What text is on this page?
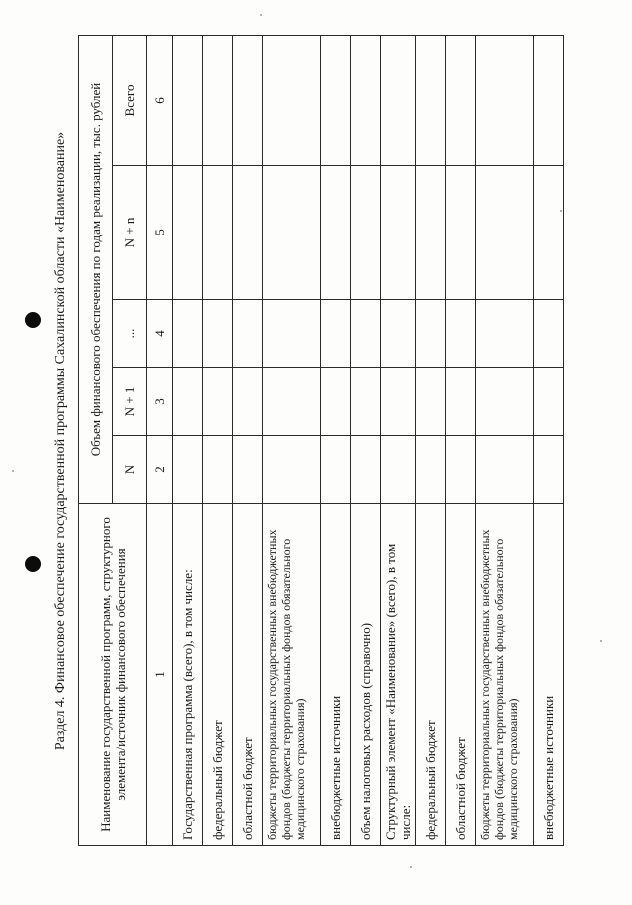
Раздел 4. Финансовое обеспечение государственной программы Сахалинской области «Наименование»	Наименование государственной программ, структурного элемента/источник финансового обеспечения	Объем финансового обеспечения по годам реализации, тыс. рублей				
	N	N + 1	...	N + n	Всего
1	2	3	4	5	6
Государственная программа (всего), в том числе:					
федеральный бюджет					
областной бюджет					
бюджеты территориальных государственных внебюджетных фондов (бюджеты территориальных фондов обязательного медицинского страхования)					
внебюджетные источники					
объем налоговых расходов (справочно)					
Структурный элемент «Наименование» (всего), в том числе:					
федеральный бюджет					
областной бюджет					
бюджеты территориальных государственных внебюджетных фондов (бюджеты территориальных фондов обязательного медицинского страхования)					
внебюджетные источники					
